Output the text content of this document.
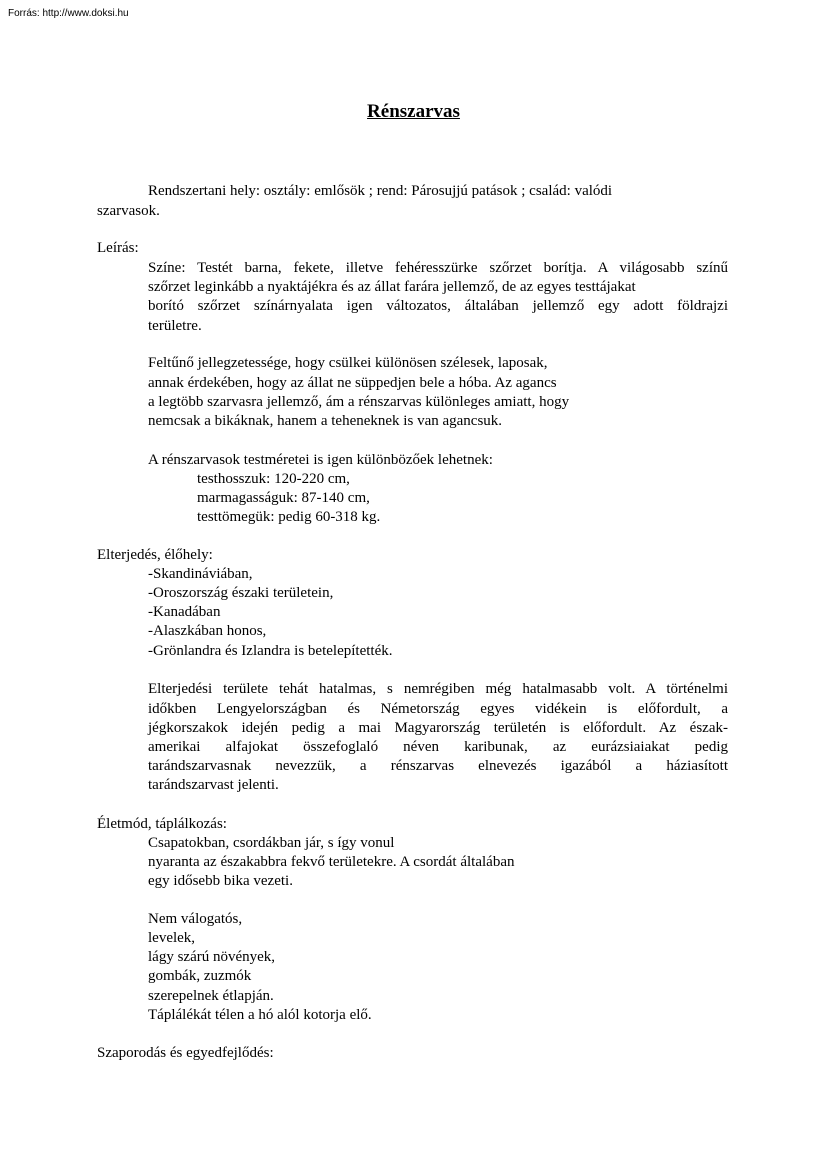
Forrás: http://www.doksi.hu
Rénszarvas
Rendszertani hely: osztály: emlősök ; rend: Párosujjú patások ; család: valódi
szarvasok.
Leírás:
Színe: Testét barna, fekete, illetve fehéresszürke szőrzet borítja. A világosabb színű
szőrzet leginkább a nyaktájékra és az állat farára jellemző, de az egyes testtájakat
borító szőrzet színárnyalata igen változatos, általában jellemző egy adott földrajzi
területre.
Feltűnő jellegzetessége, hogy csülkei különösen szélesek, laposak,
annak érdekében, hogy az állat ne süppedjen bele a hóba. Az agancs
a legtöbb szarvasra jellemző, ám a rénszarvas különleges amiatt, hogy
nemcsak a bikáknak, hanem a teheneknek is van agancsuk.
A rénszarvasok testméretei is igen különbözőek lehetnek:
testhosszuk: 120-220 cm,
marmagasságuk: 87-140 cm,
testtömegük: pedig 60-318 kg.
Elterjedés, élőhely:
-Skandináviában,
-Oroszország északi területein,
-Kanadában
-Alaszkában honos,
-Grönlandra és Izlandra is betelepítették.
Elterjedési területe tehát hatalmas, s nemrégiben még hatalmasabb volt. A történelmi
időkben Lengyelországban és Németország egyes vidékein is előfordult, a
jégkorszakok idején pedig a mai Magyarország területén is előfordult. Az észak-
amerikai alfajokat összefoglaló néven karibunak, az eurázsiaiakat pedig
tarándszarvasnak nevezzük, a rénszarvas elnevezés igazából a háziasított
tarándszarvast jelenti.
Életmód, táplálkozás:
Csapatokban, csordákban jár, s így vonul
nyaranta az északabbra fekvő területekre. A csordát általában
egy idősebb bika vezeti.
Nem válogatós,
levelek,
lágy szárú növények,
gombák, zuzmók
szerepelnek étlapján.
Táplálékát télen a hó alól kotorja elő.
Szaporodás és egyedfejlődés:
